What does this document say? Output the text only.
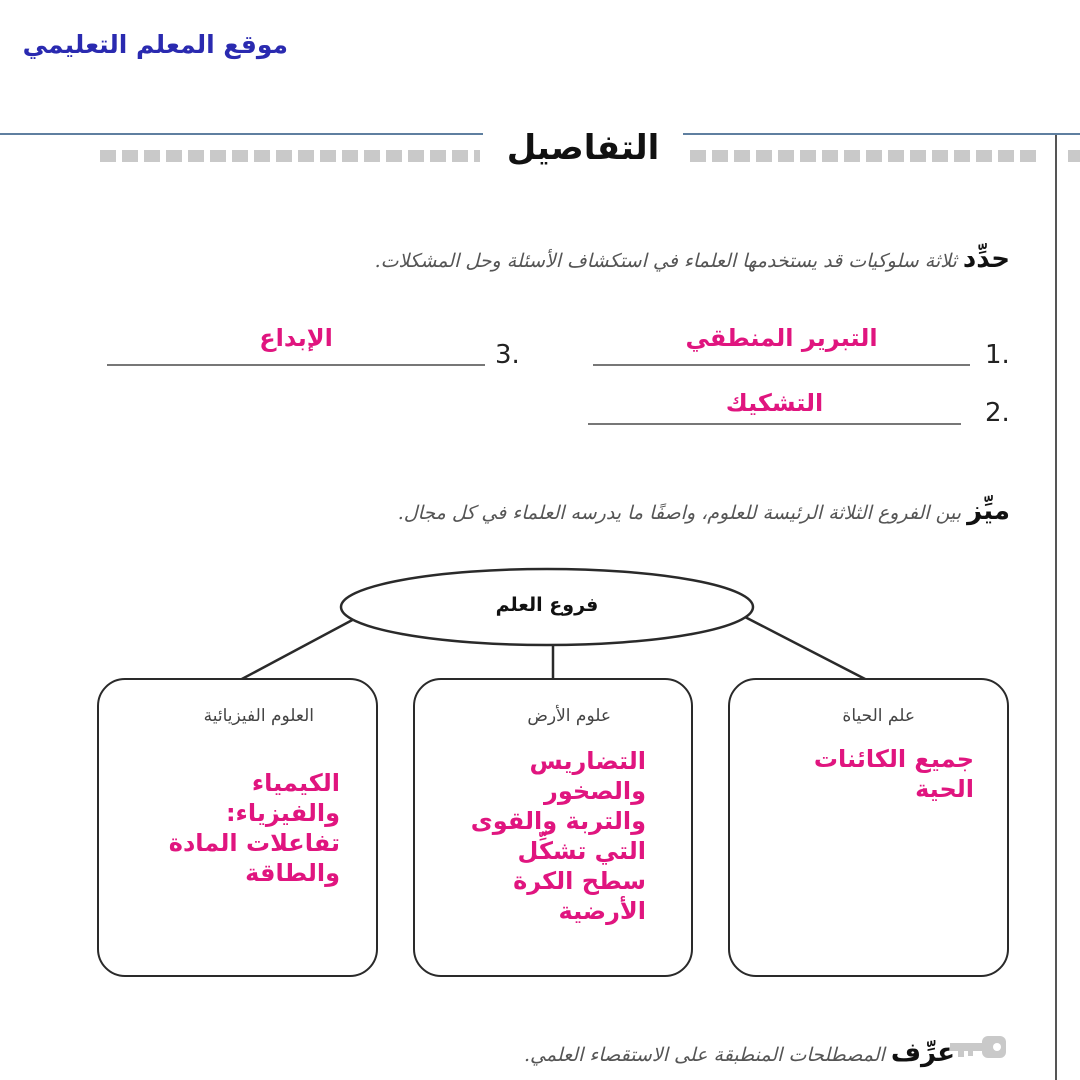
موقع المعلم التعليمي
التفاصيل
حدِّد ثلاثة سلوكيات قد يستخدمها العلماء في استكشاف الأسئلة وحل المشكلات.
1.
التبرير المنطقي
3.
الإبداع
2.
التشكيك
ميِّز بين الفروع الثلاثة الرئيسة للعلوم، واصفًا ما يدرسه العلماء في كل مجال.
فروع العلم
علم الحياة
جميع الكائنات
الحية
علوم الأرض
التضاريس
والصخور
والتربة والقوى
التي تشكِّل
سطح الكرة
الأرضية
العلوم الفيزيائية
الكيمياء
والفيزياء:
تفاعلات المادة
والطاقة
عرِّف المصطلحات المنطبقة على الاستقصاء العلمي.
